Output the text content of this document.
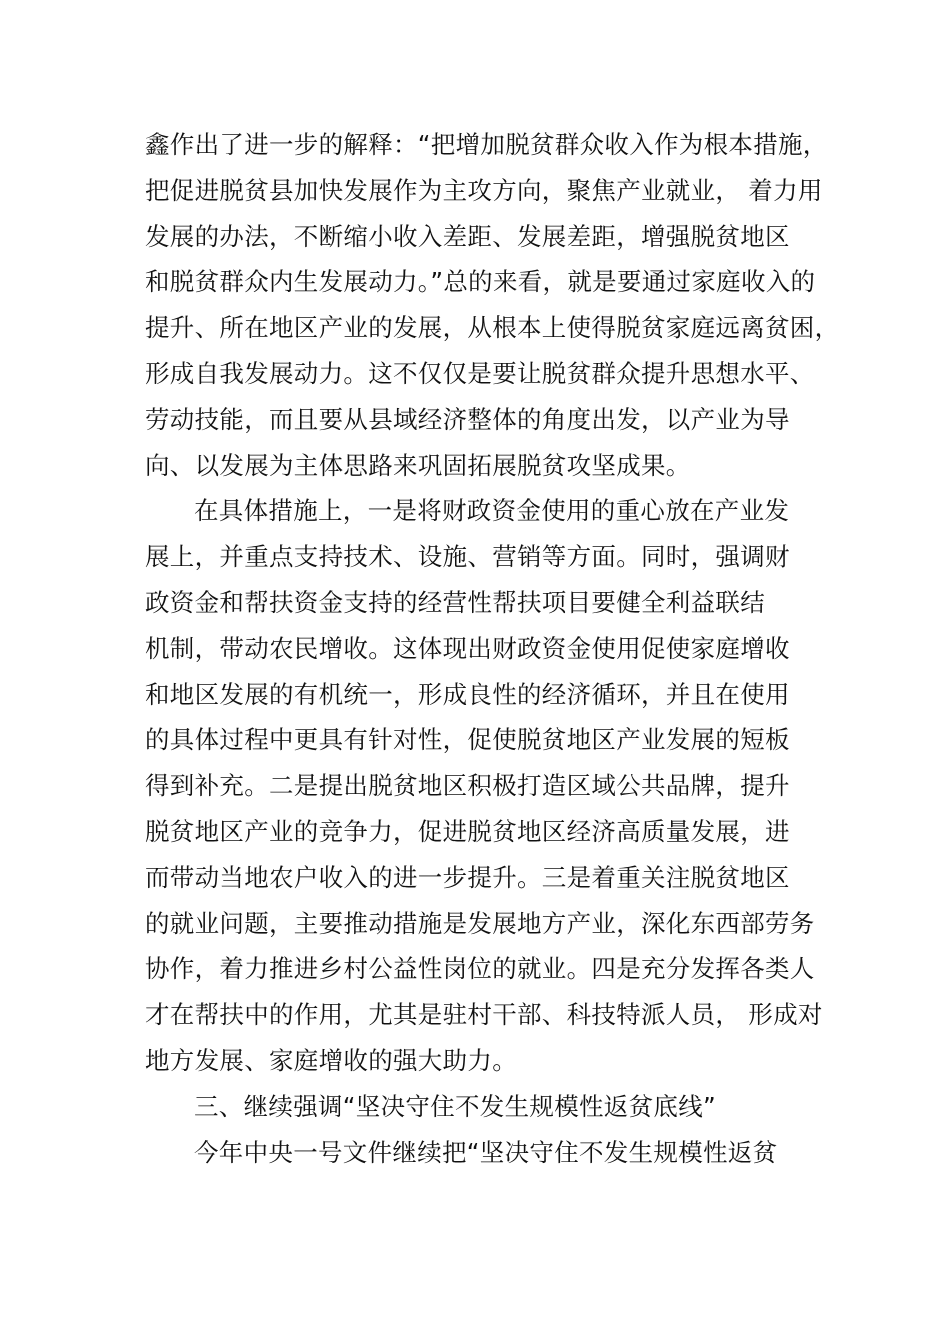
鑫作出了进一步的解释：“把增加脱贫群众收入作为根本措施，
把促进脱贫县加快发展作为主攻方向，聚焦产业就业， 着力用
发展的办法，不断缩小收入差距、发展差距，增强脱贫地区
和脱贫群众内生发展动力。”总的来看，就是要通过家庭收入的
提升、所在地区产业的发展，从根本上使得脱贫家庭远离贫困，
形成自我发展动力。这不仅仅是要让脱贫群众提升思想水平、
劳动技能，而且要从县域经济整体的角度出发，以产业为导
向、以发展为主体思路来巩固拓展脱贫攻坚成果。
在具体措施上，一是将财政资金使用的重心放在产业发
展上，并重点支持技术、设施、营销等方面。同时，强调财
政资金和帮扶资金支持的经营性帮扶项目要健全利益联结
机制，带动农民增收。这体现出财政资金使用促使家庭增收
和地区发展的有机统一，形成良性的经济循环，并且在使用
的具体过程中更具有针对性，促使脱贫地区产业发展的短板
得到补充。二是提出脱贫地区积极打造区域公共品牌，提升
脱贫地区产业的竞争力，促进脱贫地区经济高质量发展，进
而带动当地农户收入的进一步提升。三是着重关注脱贫地区
的就业问题，主要推动措施是发展地方产业，深化东西部劳务
协作，着力推进乡村公益性岗位的就业。四是充分发挥各类人
才在帮扶中的作用，尤其是驻村干部、科技特派人员， 形成对
地方发展、家庭增收的强大助力。
三、继续强调“坚决守住不发生规模性返贫底线”
今年中央一号文件继续把“坚决守住不发生规模性返贫
